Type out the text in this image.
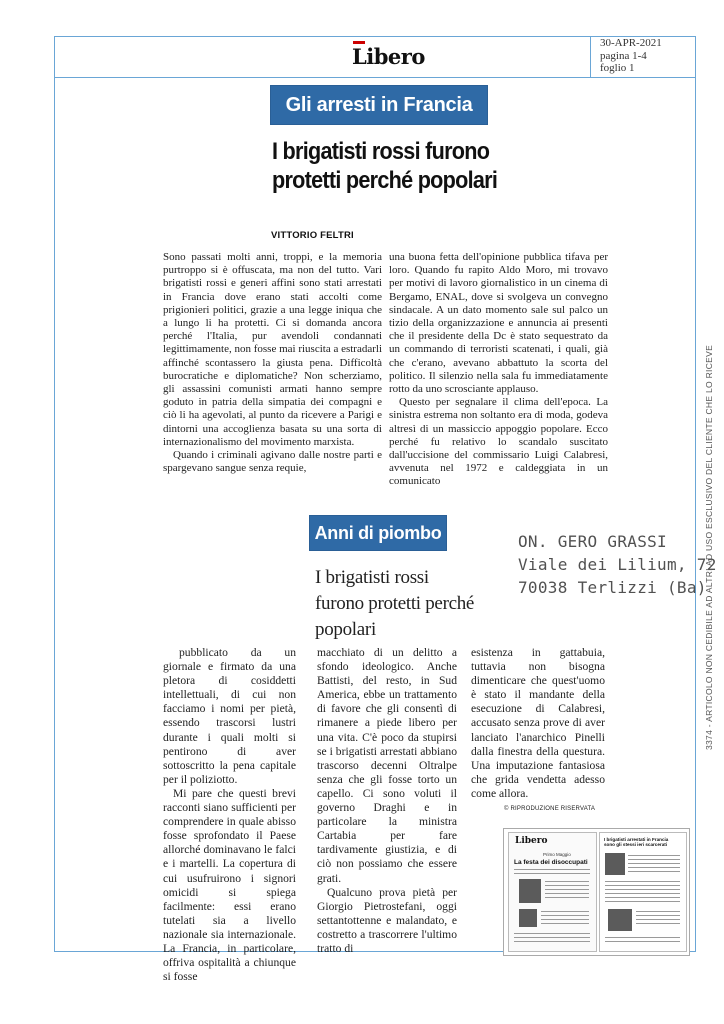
Libero
30-APR-2021
pagina 1-4
foglio 1
Gli arresti in Francia
I brigatisti rossi furono protetti perché popolari
VITTORIO FELTRI

Sono passati molti anni, troppi, e la memoria purtroppo si è offuscata, ma non del tutto. Vari brigatisti rossi e generi affini sono stati arrestati in Francia dove erano stati accolti come prigionieri politici, grazie a una legge iniqua che a lungo li ha protetti. Ci si domanda ancora perché l'Italia, pur avendoli condannati legittimamente, non fosse mai riuscita a estradarli affinché scontassero la giusta pena. Difficoltà burocratiche e diplomatiche? Non scherziamo, gli assassini comunisti armati hanno sempre goduto in patria della simpatia dei compagni e ciò li ha agevolati, al punto da ricevere a Parigi e dintorni una accoglienza basata su una sorta di internazionalismo del movimento marxista.

Quando i criminali agivano dalle nostre parti e spargevano sangue senza requie,

una buona fetta dell'opinione pubblica tifava per loro. Quando fu rapito Aldo Moro, mi trovavo per motivi di lavoro giornalistico in un cinema di Bergamo, ENAL, dove si svolgeva un convegno sindacale. A un dato momento sale sul palco un tizio della organizzazione e annuncia ai presenti che il presidente della Dc è stato sequestrato da un commando di terroristi scatenati, i quali, già che c'erano, avevano abbattuto la scorta del politico. Il silenzio nella sala fu immediatamente rotto da uno scrosciante applauso.

Questo per segnalare il clima dell'epoca. La sinistra estrema non soltanto era di moda, godeva altresì di un massiccio appoggio popolare. Ecco perché fu relativo lo scandalo suscitato dall'uccisione del commissario Luigi Calabresi, avvenuta nel 1972 e caldeggiata in un comunicato

Anni di piombo
I brigatisti rossi furono protetti perché popolari
ON. GERO GRASSI
Viale dei Lilium, 72
70038 Terlizzi (Ba)

pubblicato da un giornale e firmato da una pletora di cosiddetti intellettuali, di cui non facciamo i nomi per pietà, essendo trascorsi lustri durante i quali molti si pentirono di aver sottoscritto la pena capitale per il poliziotto.

Mi pare che questi brevi racconti siano sufficienti per comprendere in quale abisso fosse sprofondato il Paese allorché dominavano le falci e i martelli. La copertura di cui usufruirono i signori omicidi si spiega facilmente: essi erano tutelati sia a livello nazionale sia internazionale. La Francia, in particolare, offriva ospitalità a chiunque si fosse

macchiato di un delitto a sfondo ideologico. Anche Battisti, del resto, in Sud America, ebbe un trattamento di favore che gli consentì di rimanere a piede libero per una vita. C'è poco da stupirsi se i brigatisti arrestati abbiano trascorso decenni Oltralpe senza che gli fosse torto un capello. Ci sono voluti il governo Draghi e in particolare la ministra Cartabia per fare tardivamente giustizia, e di ciò non possiamo che essere grati.

Qualcuno prova pietà per Giorgio Pietrostefani, oggi settantottenne e malandato, e costretto a trascorrere l'ultimo tratto di

esistenza in gattabuia, tuttavia non bisogna dimenticare che quest'uomo è stato il mandante della esecuzione di Calabresi, accusato senza prove di aver lanciato l'anarchico Pinelli dalla finestra della questura. Una imputazione fantasiosa che grida vendetta adesso come allora.

© RIPRODUZIONE RISERVATA
Libero
Primo Maggio
La festa dei disoccupati
I brigatisti arrestati in Francia sono gli stessi ieri scarcerati
3374 - ARTICOLO NON CEDIBILE AD ALTRI AD USO ESCLUSIVO DEL CLIENTE CHE LO RICEVE
